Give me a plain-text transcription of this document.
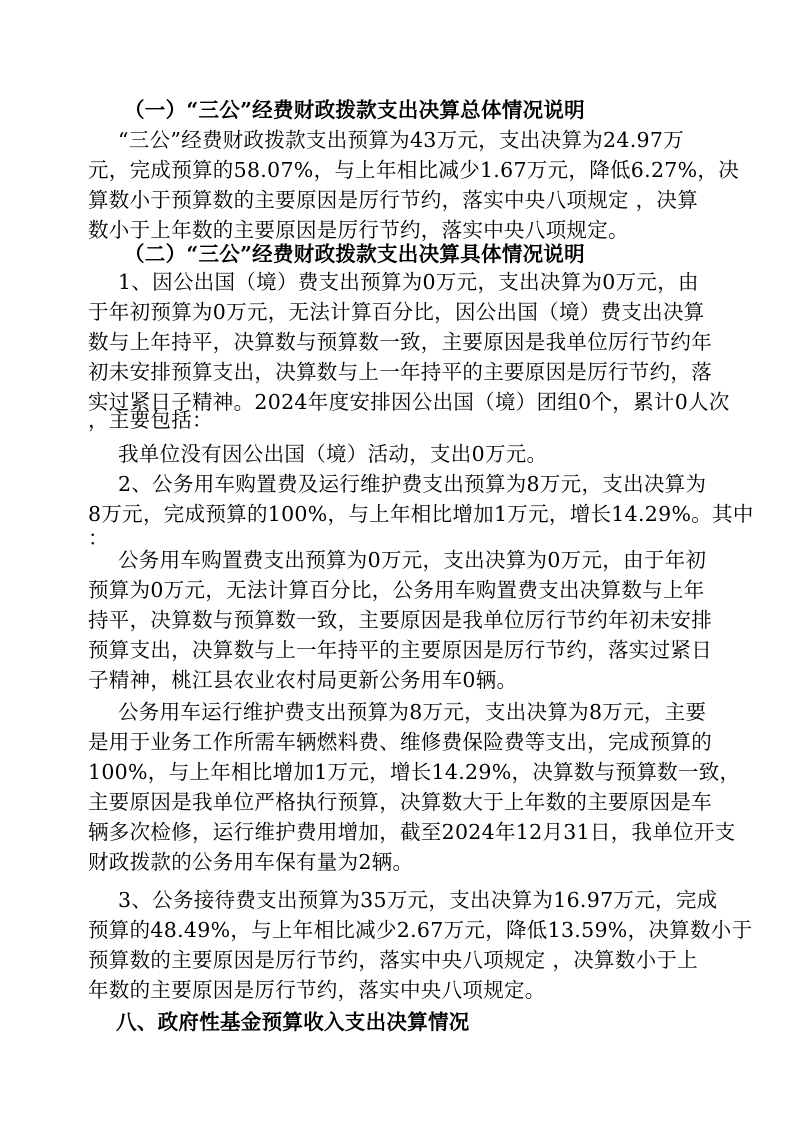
（一）“三公”经费财政拨款支出决算总体情况说明
“三公”经费财政拨款支出预算为43万元，支出决算为24.97万
元，完成预算的58.07%，与上年相比减少1.67万元，降低6.27%，决
算数小于预算数的主要原因是厉行节约，落实中央八项规定 ，决算
数小于上年数的主要原因是厉行节约，落实中央八项规定。
（二）“三公”经费财政拨款支出决算具体情况说明
1、因公出国（境）费支出预算为0万元，支出决算为0万元，由
于年初预算为0万元，无法计算百分比，因公出国（境）费支出决算
数与上年持平，决算数与预算数一致，主要原因是我单位厉行节约年
初未安排预算支出，决算数与上一年持平的主要原因是厉行节约，落
实过紧日子精神。2024年度安排因公出国（境）团组0个，累计0人次
，主要包括：
我单位没有因公出国（境）活动，支出0万元。
2、公务用车购置费及运行维护费支出预算为8万元，支出决算为
8万元，完成预算的100%，与上年相比增加1万元，增长14.29%。其中
：
公务用车购置费支出预算为0万元，支出决算为0万元，由于年初
预算为0万元，无法计算百分比，公务用车购置费支出决算数与上年
持平，决算数与预算数一致，主要原因是我单位厉行节约年初未安排
预算支出，决算数与上一年持平的主要原因是厉行节约，落实过紧日
子精神，桃江县农业农村局更新公务用车0辆。
公务用车运行维护费支出预算为8万元，支出决算为8万元，主要
是用于业务工作所需车辆燃料费、维修费保险费等支出，完成预算的
100%，与上年相比增加1万元，增长14.29%，决算数与预算数一致，
主要原因是我单位严格执行预算，决算数大于上年数的主要原因是车
辆多次检修，运行维护费用增加，截至2024年12月31日，我单位开支
财政拨款的公务用车保有量为2辆。
3、公务接待费支出预算为35万元，支出决算为16.97万元，完成
预算的48.49%，与上年相比减少2.67万元，降低13.59%，决算数小于
预算数的主要原因是厉行节约，落实中央八项规定 ，决算数小于上
年数的主要原因是厉行节约，落实中央八项规定。
八、政府性基金预算收入支出决算情况
